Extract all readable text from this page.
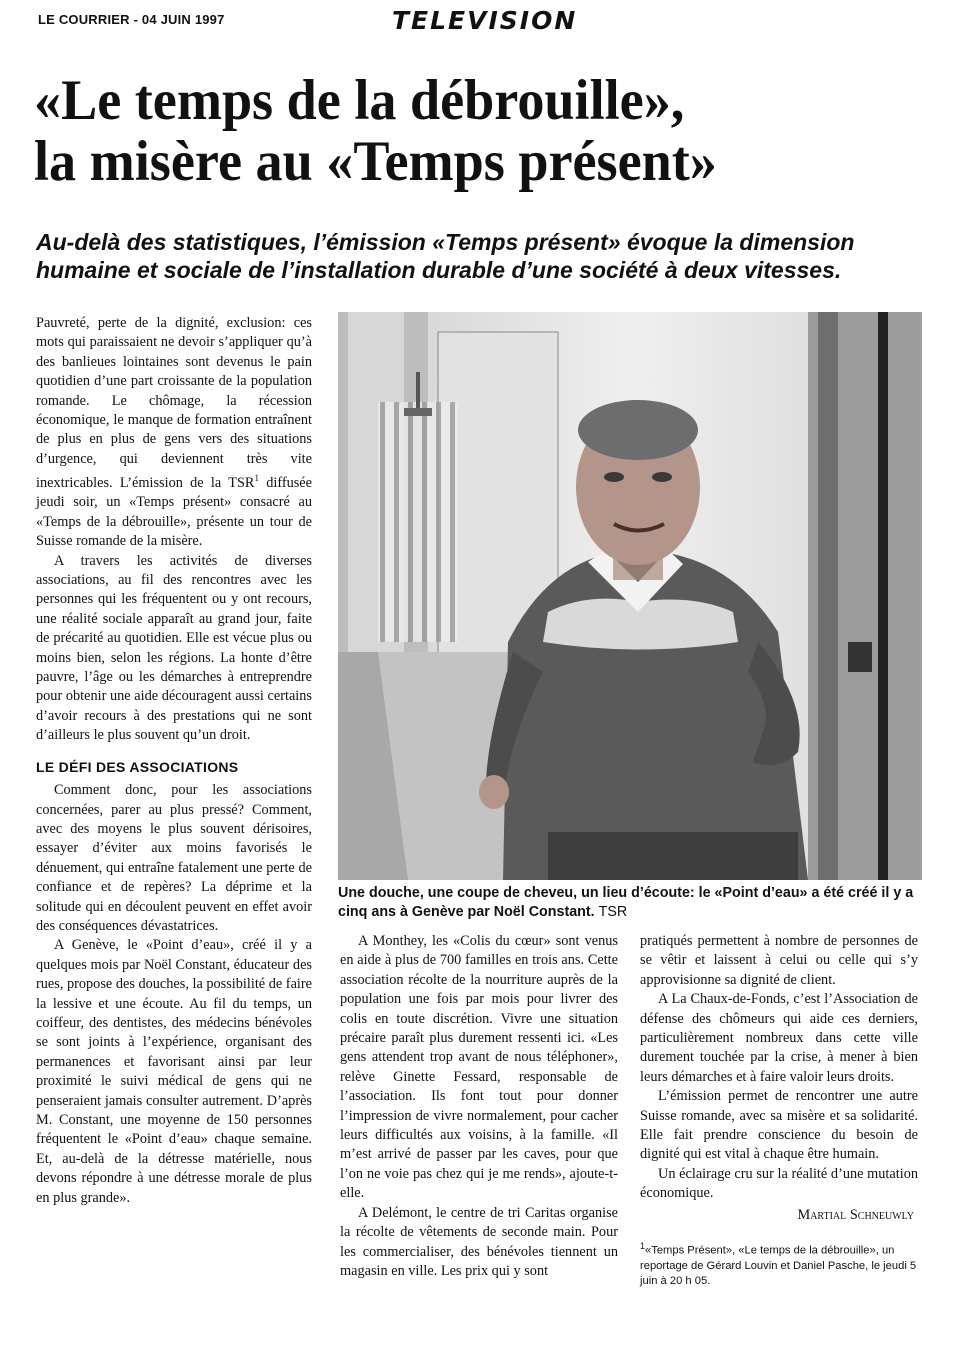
LE COURRIER - 04 JUIN 1997	TELEVISION
«Le temps de la débrouille»,
la misère au «Temps présent»
Au-delà des statistiques, l’émission «Temps présent» évoque la dimension humaine et sociale de l’installation durable d’une société à deux vitesses.

Pauvreté, perte de la dignité, exclusion: ces mots qui paraissaient ne devoir s’appliquer qu’à des banlieues lointaines sont devenus le pain quotidien d’une part croissante de la population romande. Le chômage, la récession économique, le manque de formation entraînent de plus en plus de gens vers des situations d’urgence, qui deviennent très vite inextricables. L’émission de la TSR$^1$ diffusée jeudi soir, un «Temps présent» consacré au «Temps de la débrouille», présente un tour de Suisse romande de la misère.

A travers les activités de diverses associations, au fil des rencontres avec les personnes qui les fréquentent ou y ont recours, une réalité sociale apparaît au grand jour, faite de précarité au quotidien. Elle est vécue plus ou moins bien, selon les régions. La honte d’être pauvre, l’âge ou les démarches à entreprendre pour obtenir une aide découragent aussi certains d’avoir recours à des prestations qui ne sont d’ailleurs le plus souvent qu’un droit.

LE DÉFI DES ASSOCIATIONS

Comment donc, pour les associations concernées, parer au plus pressé? Comment, avec des moyens le plus souvent dérisoires, essayer d’éviter aux moins favorisés le dénuement, qui entraîne fatalement une perte de confiance et de repères? La déprime et la solitude qui en découlent peuvent en effet avoir des conséquences dévastatrices.

A Genève, le «Point d’eau», créé il y a quelques mois par Noël Constant, éducateur des rues, propose des douches, la possibilité de faire la lessive et une écoute. Au fil du temps, un coiffeur, des dentistes, des médecins bénévoles se sont joints à l’expérience, organisant des permanences et favorisant ainsi par leur proximité le suivi médical de gens qui ne penseraient jamais consulter autrement. D’après M. Constant, une moyenne de 150 personnes fréquentent le «Point d’eau» chaque semaine. Et, au-delà de la détresse matérielle, nous devons répondre à une détresse morale de plus en plus grande».

Une douche, une coupe de cheveu, un lieu d’écoute: le «Point d’eau» a été créé il y a cinq ans à Genève par Noël Constant. TSR

A Monthey, les «Colis du cœur» sont venus en aide à plus de 700 familles en trois ans. Cette association récolte de la nourriture auprès de la population une fois par mois pour livrer des colis en toute discrétion. Vivre une situation précaire paraît plus durement ressenti ici. «Les gens attendent trop avant de nous téléphoner», relève Ginette Fessard, responsable de l’association. Ils font tout pour donner l’impression de vivre normalement, pour cacher leurs difficultés aux voisins, à la famille. «Il m’est arrivé de passer par les caves, pour que l’on ne voie pas chez qui je me rends», ajoute-t-elle.

A Delémont, le centre de tri Caritas organise la récolte de vêtements de seconde main. Pour les commercialiser, des bénévoles tiennent un magasin en ville. Les prix qui y sont

pratiqués permettent à nombre de personnes de se vêtir et laissent à celui ou celle qui s’y approvisionne sa dignité de client.

A La Chaux-de-Fonds, c’est l’Association de défense des chômeurs qui aide ces derniers, particulièrement nombreux dans cette ville durement touchée par la crise, à mener à bien leurs démarches et à faire valoir leurs droits.

L’émission permet de rencontrer une autre Suisse romande, avec sa misère et sa solidarité. Elle fait prendre conscience du besoin de dignité qui est vital à chaque être humain.

Un éclairage cru sur la réalité d’une mutation économique.

Martial Schneuwly
$^1$«Temps Présent», «Le temps de la débrouille», un reportage de Gérard Louvin et Daniel Pasche, le jeudi 5 juin à 20 h 05.
